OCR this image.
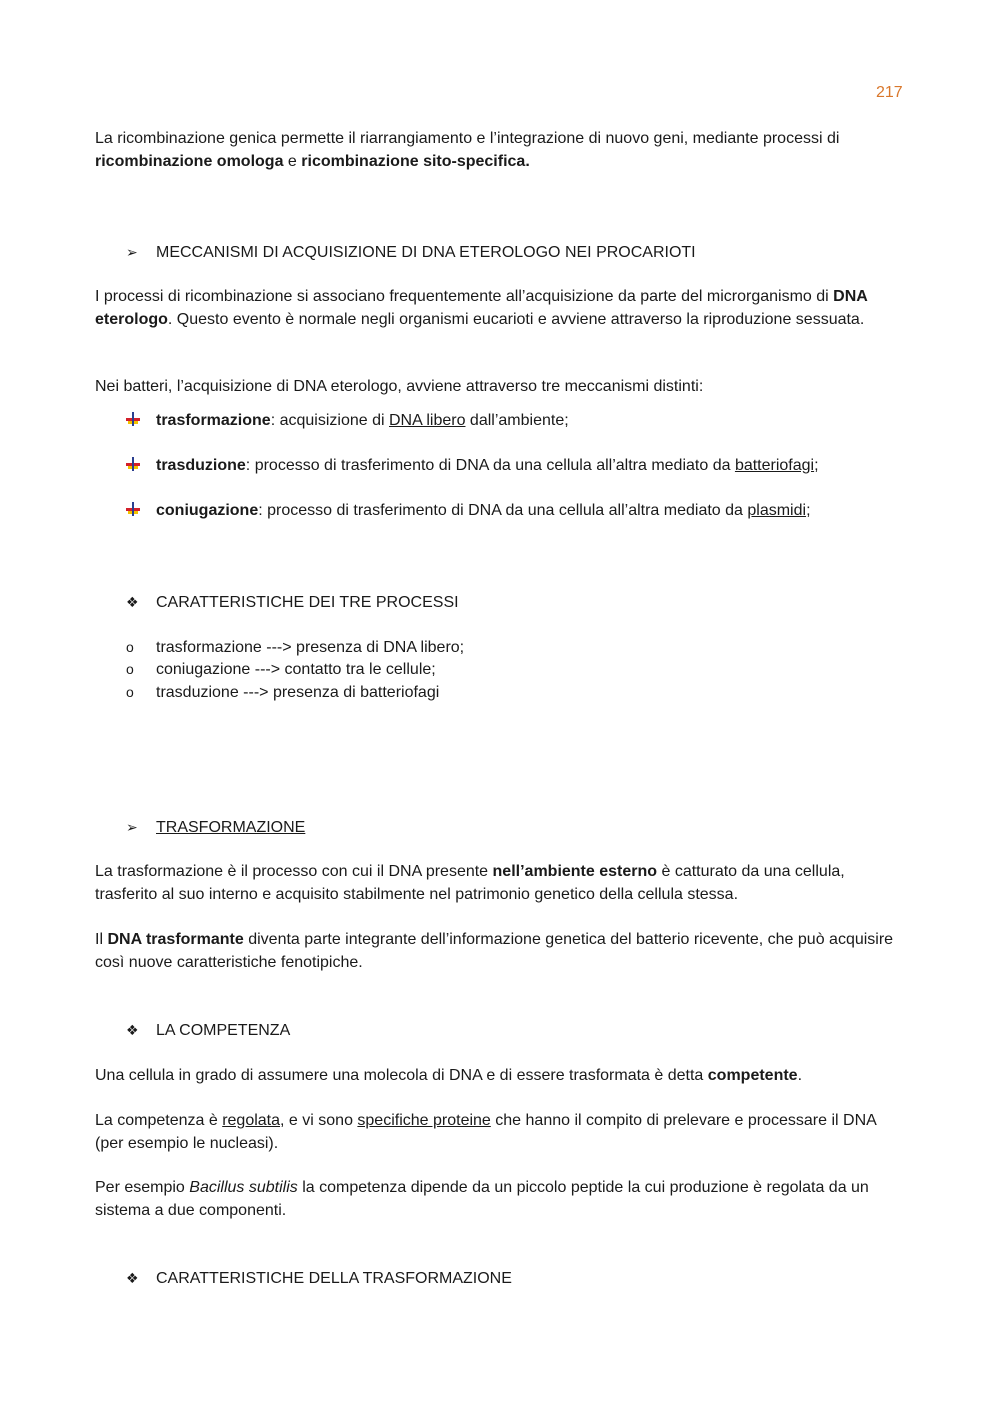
217
La ricombinazione genica permette il riarrangiamento e l’integrazione di nuovo geni, mediante processi di ricombinazione omologa e ricombinazione sito-specifica.
➢ MECCANISMI DI ACQUISIZIONE DI DNA ETEROLOGO NEI PROCARIOTI
I processi di ricombinazione si associano frequentemente all’acquisizione da parte del microrganismo di DNA eterologo. Questo evento è normale negli organismi eucarioti e avviene attraverso la riproduzione sessuata.
Nei batteri, l’acquisizione di DNA eterologo, avviene attraverso tre meccanismi distinti:
trasformazione: acquisizione di DNA libero dall’ambiente;
trasduzione: processo di trasferimento di DNA da una cellula all’altra mediato da batteriofagi;
coniugazione: processo di trasferimento di DNA da una cellula all’altra mediato da plasmidi;
❖ CARATTERISTICHE DEI TRE PROCESSI
o trasformazione ---> presenza di DNA libero;
o coniugazione ---> contatto tra le cellule;
o trasduzione ---> presenza di batteriofagi
➢ TRASFORMAZIONE
La trasformazione è il processo con cui il DNA presente nell’ambiente esterno è catturato da una cellula, trasferito al suo interno e acquisito stabilmente nel patrimonio genetico della cellula stessa.
Il DNA trasformante diventa parte integrante dell’informazione genetica del batterio ricevente, che può acquisire così nuove caratteristiche fenotipiche.
❖ LA COMPETENZA
Una cellula in grado di assumere una molecola di DNA e di essere trasformata è detta competente.
La competenza è regolata, e vi sono specifiche proteine che hanno il compito di prelevare e processare il DNA (per esempio le nucleasi).
Per esempio Bacillus subtilis la competenza dipende da un piccolo peptide la cui produzione è regolata da un sistema a due componenti.
❖ CARATTERISTICHE DELLA TRASFORMAZIONE
